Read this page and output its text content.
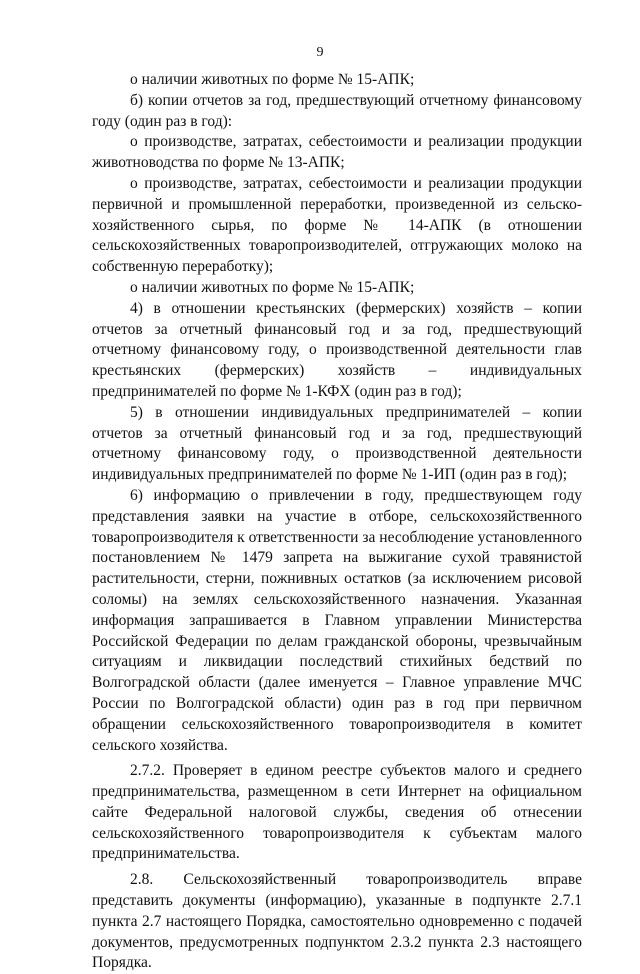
9

о наличии животных по форме № 15-АПК;

б) копии отчетов за год, предшествующий отчетному финансовому году (один раз в год):

о производстве, затратах, себестоимости и реализации продукции животноводства по форме № 13-АПК;

о производстве, затратах, себестоимости и реализации продукции первичной и промышленной переработки, произведенной из сельско-хозяйственного сырья, по форме № 14-АПК (в отношении сельскохозяйственных товаропроизводителей, отгружающих молоко на собственную переработку);

о наличии животных по форме № 15-АПК;

4) в отношении крестьянских (фермерских) хозяйств – копии отчетов за отчетный финансовый год и за год, предшествующий отчетному финансовому году, о производственной деятельности глав крестьянских (фермерских) хозяйств – индивидуальных предпринимателей по форме № 1-КФХ (один раз в год);

5) в отношении индивидуальных предпринимателей – копии отчетов за отчетный финансовый год и за год, предшествующий отчетному финансовому году, о производственной деятельности индивидуальных предпринимателей по форме № 1-ИП (один раз в год);

6) информацию о привлечении в году, предшествующем году представления заявки на участие в отборе, сельскохозяйственного товаропроизводителя к ответственности за несоблюдение установленного постановлением № 1479 запрета на выжигание сухой травянистой растительности, стерни, пожнивных остатков (за исключением рисовой соломы) на землях сельскохозяйственного назначения. Указанная информация запрашивается в Главном управлении Министерства Российской Федерации по делам гражданской обороны, чрезвычайным ситуациям и ликвидации последствий стихийных бедствий по Волгоградской области (далее именуется – Главное управление МЧС России по Волгоградской области) один раз в год при первичном обращении сельскохозяйственного товаропроизводителя в комитет сельского хозяйства.

2.7.2. Проверяет в едином реестре субъектов малого и среднего предпринимательства, размещенном в сети Интернет на официальном сайте Федеральной налоговой службы, сведения об отнесении сельскохозяйственного товаропроизводителя к субъектам малого предпринимательства.

2.8. Сельскохозяйственный товаропроизводитель вправе представить документы (информацию), указанные в подпункте 2.7.1 пункта 2.7 настоящего Порядка, самостоятельно одновременно с подачей документов, предусмотренных подпунктом 2.3.2 пункта 2.3 настоящего Порядка.
